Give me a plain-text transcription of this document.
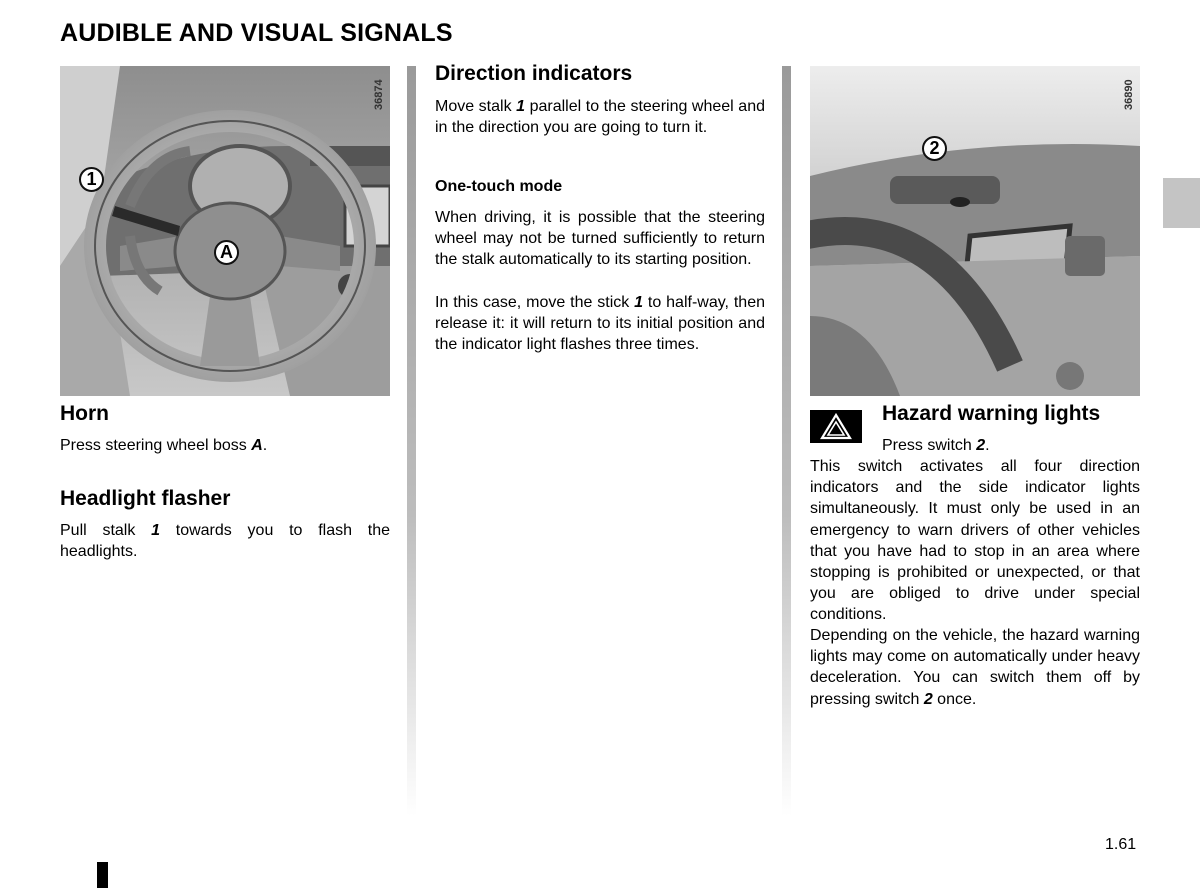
AUDIBLE AND VISUAL SIGNALS
36874
1
A
36890
2
Horn

Press steering wheel boss A.

Headlight flasher

Pull stalk 1 towards you to flash the headlights.

Direction indicators

Move stalk 1 parallel to the steering wheel and in the direction you are going to turn it.

One-touch mode

When driving, it is possible that the steering wheel may not be turned sufficiently to return the stalk automatically to its starting position.

In this case, move the stick 1 to half-way, then release it: it will return to its initial position and the indicator light flashes three times.

Hazard warning lights

Press switch 2.

This switch activates all four direction indicators and the side indicator lights simultaneously. It must only be used in an emergency to warn drivers of other vehicles that you have had to stop in an area where stopping is prohibited or unexpected, or that you are obliged to drive under special conditions.

Depending on the vehicle, the hazard warning lights may come on automatically under heavy deceleration. You can switch them off by pressing switch 2 once.

1.61
